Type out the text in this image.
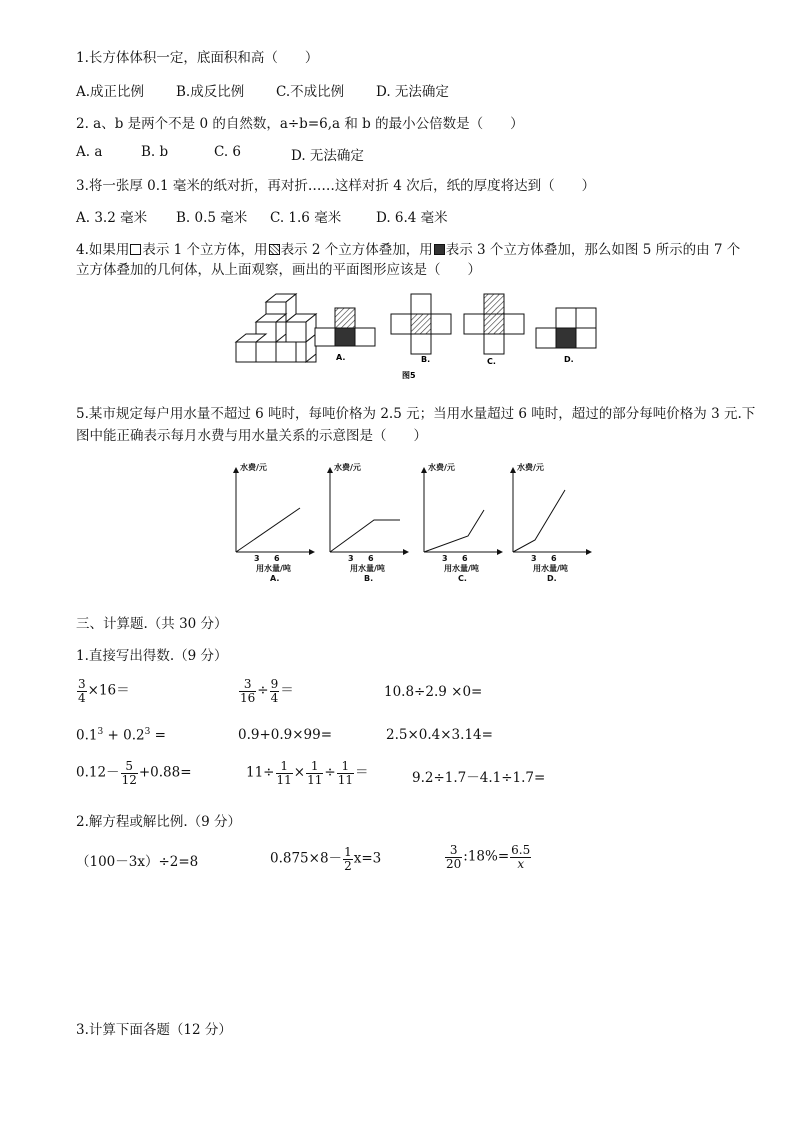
1.长方体体积一定，底面积和高（　　）
A.成正比例 B.成反比例 C.不成比例 D. 无法确定
2. a、b 是两个不是 0 的自然数，a÷b=6,a 和 b 的最小公倍数是（　　）
A. a	B. b	C. 6	D. 无法确定
3.将一张厚 0.1 毫米的纸对折，再对折……这样对折 4 次后，纸的厚度将达到（　　）
A. 3.2 毫米 B. 0.5 毫米 C. 1.6 毫米	D. 6.4 毫米
4.如果用 表示 1 个立方体，用 表示 2 个立方体叠加，用 表示 3 个立方体叠加，那么如图 5 所示的由 7 个
立方体叠加的几何体，从上面观察，画出的平面图形应该是（　　）
A.	B.	C.	D.
图5
5.某市规定每户用水量不超过 6 吨时，每吨价格为 2.5 元；当用水量超过 6 吨时，超过的部分每吨价格为 3 元.下
图中能正确表示每月水费与用水量关系的示意图是（　　）
水费/元
3 6
用水量/吨
A.
水费/元
3 6
用水量/吨
B.
水费/元
3 6
用水量/吨
C.
水费/元
3 6
用水量/吨
D.
三、计算题.（共 30 分）
1.直接写出得数.（9 分）
$\frac{3}{4} \times 16=$	$\frac{3}{16} \div \frac{9}{4}$ ＝	10.8÷2.9 ×0=
$0.1^3 + 0.2^3$ =	0.9+0.9×99=	2.5×0.4×3.14=
$0.12- \frac{5}{12} +0.88=$	$11\div \frac{1}{11} \times \frac{1}{11} \div \frac{1}{11}$ ＝	9.2÷1.7－4.1÷1.7=
2.解方程或解比例.（9 分）
（100－3x）÷2=8	$0.875\times 8- \frac{1}{2} x=3$	$\frac{3}{20}$ :18%= $\frac{6.5}{x}$
3.计算下面各题（12 分）
